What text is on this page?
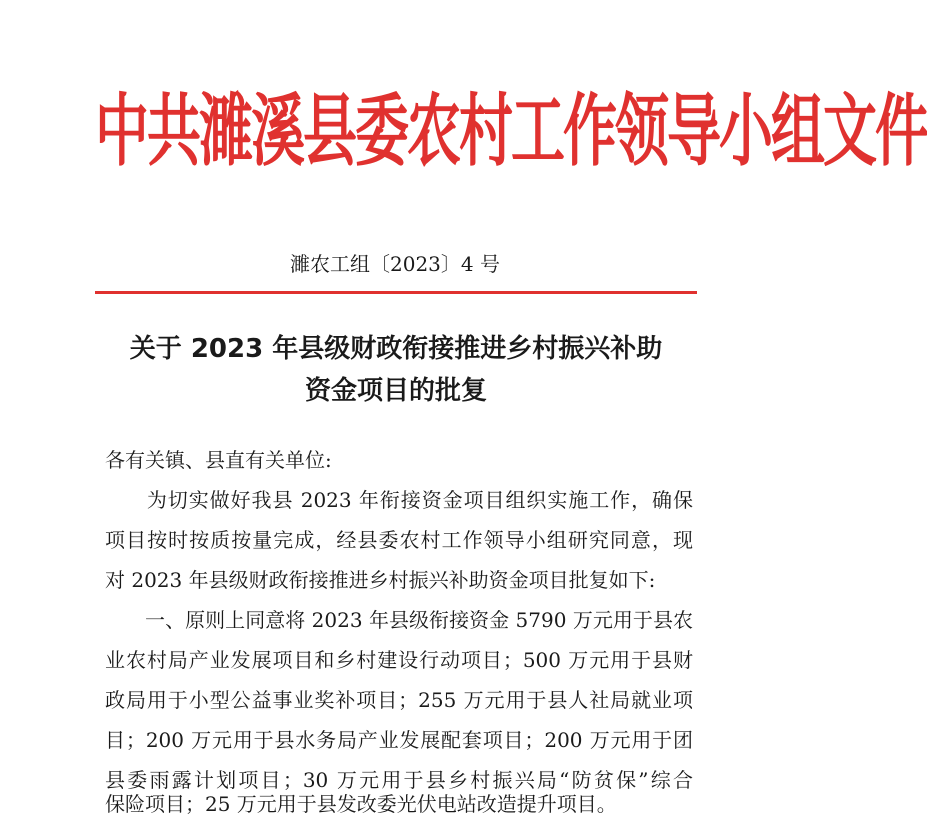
中共濉溪县委农村工作领导小组文件
濉农工组〔2023〕4 号
关于 2023 年县级财政衔接推进乡村振兴补助
资金项目的批复
各有关镇、县直有关单位:
　　为切实做好我县 2023 年衔接资金项目组织实施工作，确保
项目按时按质按量完成，经县委农村工作领导小组研究同意，现
对 2023 年县级财政衔接推进乡村振兴补助资金项目批复如下:
　　一、原则上同意将 2023 年县级衔接资金 5790 万元用于县农
业农村局产业发展项目和乡村建设行动项目；500 万元用于县财
政局用于小型公益事业奖补项目；255 万元用于县人社局就业项
目；200 万元用于县水务局产业发展配套项目；200 万元用于团
县委雨露计划项目；30 万元用于县乡村振兴局“防贫保”综合
保险项目；25 万元用于县发改委光伏电站改造提升项目。
